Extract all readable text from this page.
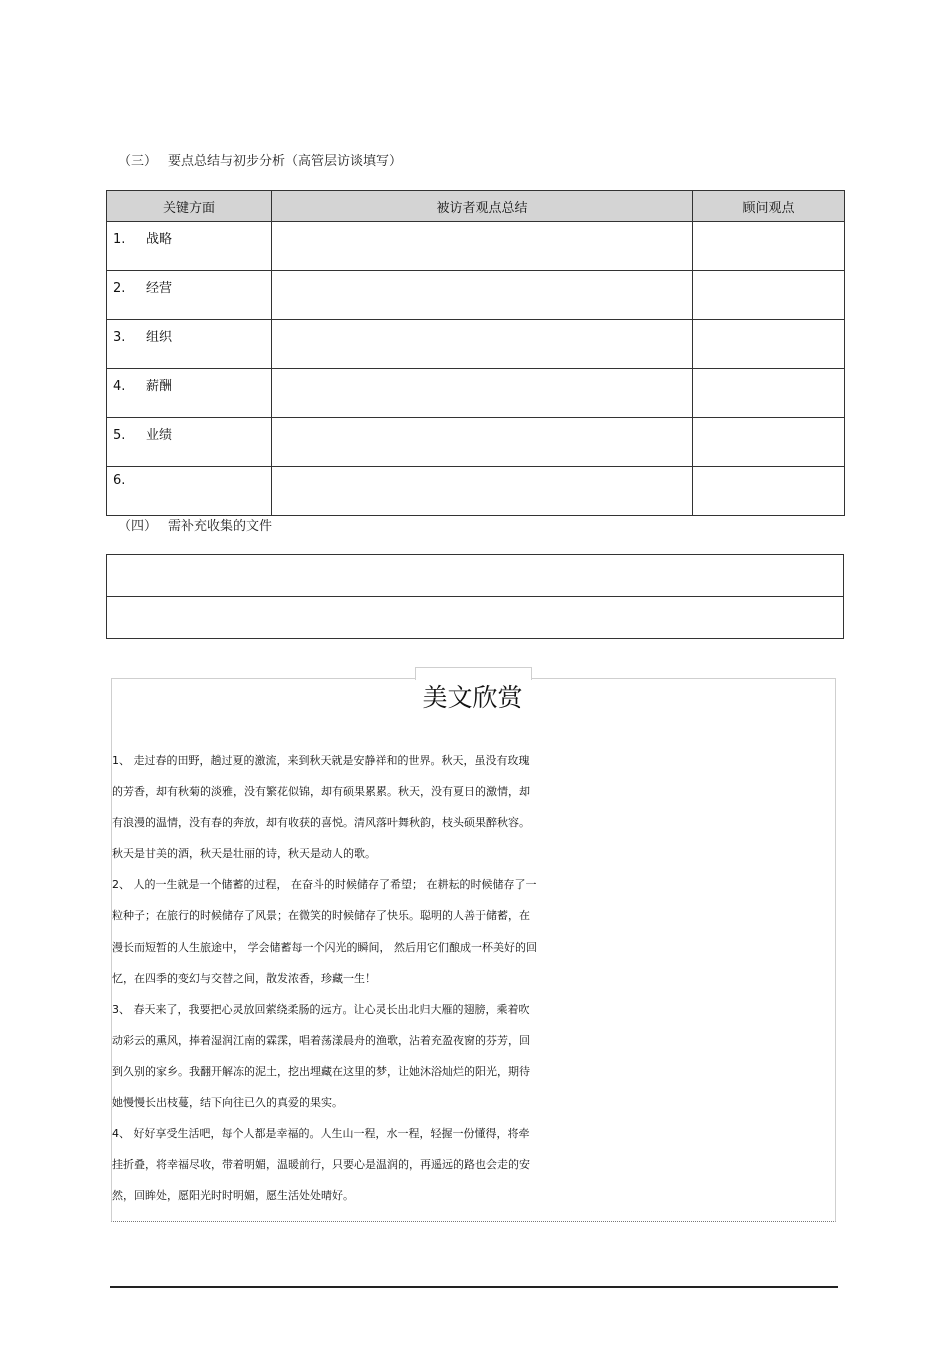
（三） 要点总结与初步分析（高管层访谈填写）
关键方面	被访者观点总结	顾问观点
1. 战略		
2. 经营		
3. 组织		
4. 薪酬		
5. 业绩		
6.		
（四） 需补充收集的文件

美文欣赏
1、 走过春的田野，趟过夏的激流，来到秋天就是安静祥和的世界。秋天，虽没有玫瑰
的芳香，却有秋菊的淡雅，没有繁花似锦，却有硕果累累。秋天，没有夏日的激情，却
有浪漫的温情，没有春的奔放，却有收获的喜悦。清风落叶舞秋韵，枝头硕果醉秋容。
秋天是甘美的酒，秋天是壮丽的诗，秋天是动人的歌。
2、 人的一生就是一个储蓄的过程， 在奋斗的时候储存了希望； 在耕耘的时候储存了一
粒种子；在旅行的时候储存了风景；在微笑的时候储存了快乐。聪明的人善于储蓄，在
漫长而短暂的人生旅途中， 学会储蓄每一个闪光的瞬间， 然后用它们酿成一杯美好的回
忆，在四季的变幻与交替之间，散发浓香，珍藏一生！
3、 春天来了，我要把心灵放回萦绕柔肠的远方。让心灵长出北归大雁的翅膀，乘着吹
动彩云的熏风，捧着湿润江南的霖霂，唱着荡漾晨舟的渔歌，沾着充盈夜窗的芬芳，回
到久别的家乡。我翻开解冻的泥土，挖出埋藏在这里的梦，让她沐浴灿烂的阳光，期待
她慢慢长出枝蔓，结下向往已久的真爱的果实。
4、 好好享受生活吧，每个人都是幸福的。人生山一程，水一程，轻握一份懂得，将牵
挂折叠，将幸福尽收，带着明媚，温暖前行，只要心是温润的，再遥远的路也会走的安
然，回眸处，愿阳光时时明媚，愿生活处处晴好。
